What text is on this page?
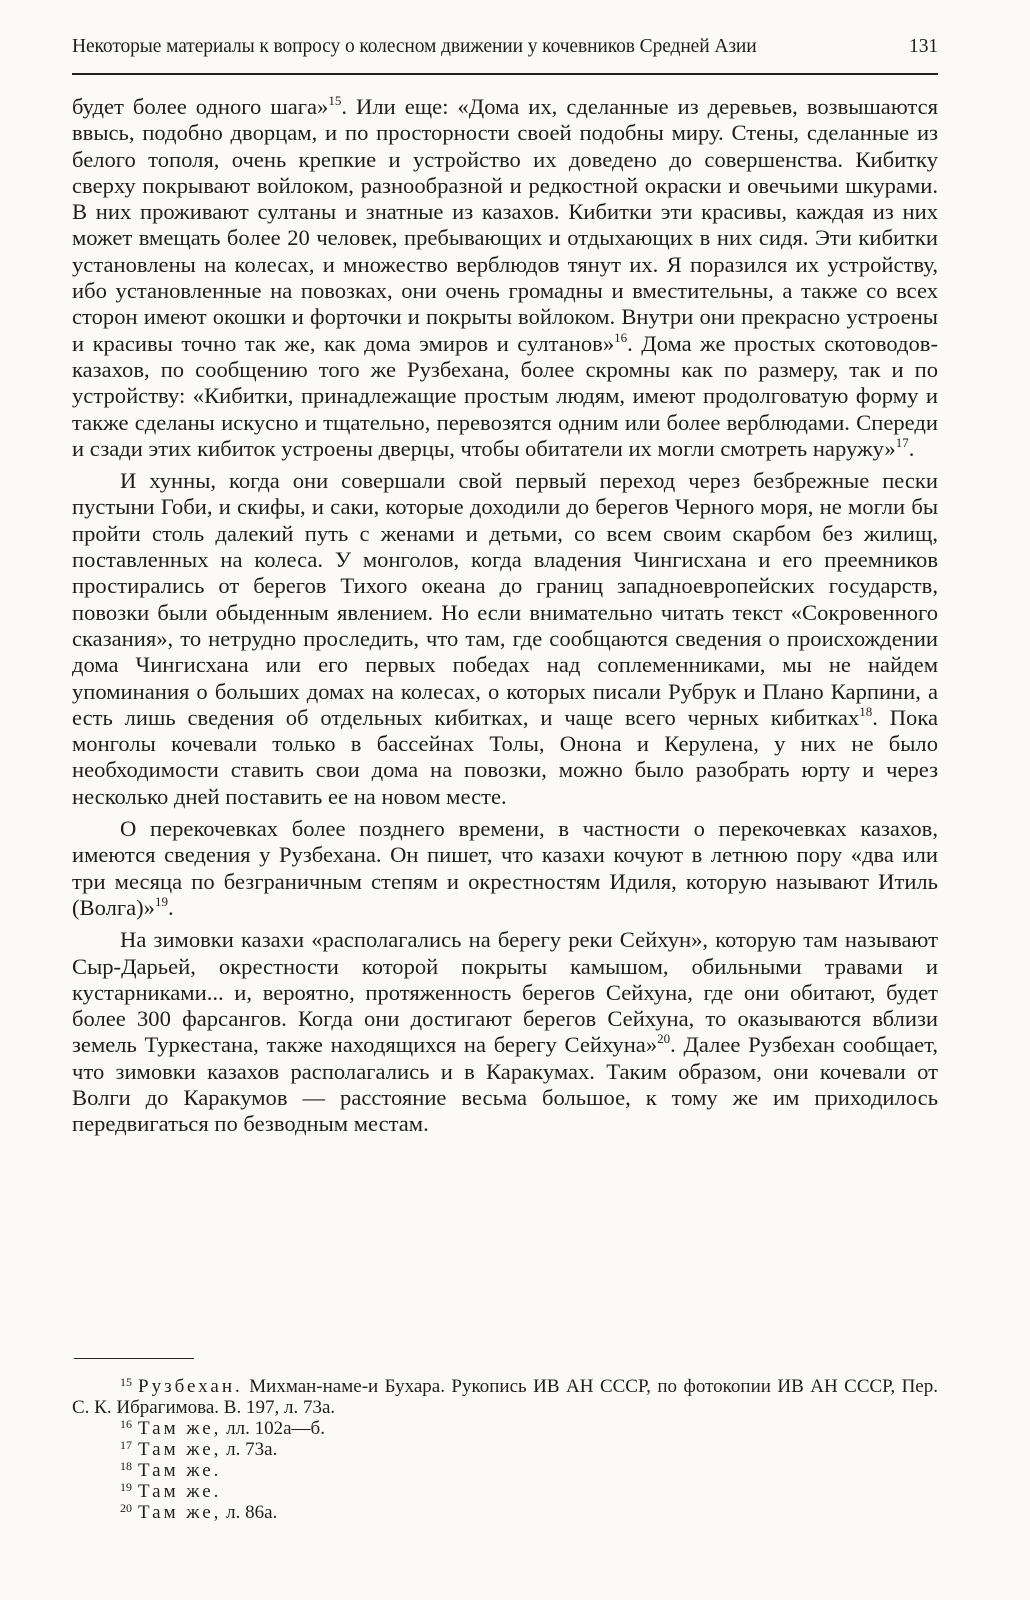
Некоторые материалы к вопросу о колесном движении у кочевников Средней Азии	131

будет более одного шага»$^{15}$. Или еще: «Дома их, сделанные из деревьев, возвышаются ввысь, подобно дворцам, и по просторности своей подобны миру. Стены, сделанные из белого тополя, очень крепкие и устройство их доведено до совершенства. Кибитку сверху покрывают войлоком, разнообразной и редкостной окраски и овечьими шкурами. В них проживают султаны и знатные из казахов. Кибитки эти красивы, каждая из них может вмещать более 20 человек, пребывающих и отдыхающих в них сидя. Эти кибитки установлены на колесах, и множество верблюдов тянут их. Я поразился их устройству, ибо установленные на повозках, они очень громадны и вместительны, а также со всех сторон имеют окошки и форточки и покрыты войлоком. Внутри они прекрасно устроены и красивы точно так же, как дома эмиров и султанов»$^{16}$. Дома же простых скотоводов-казахов, по сообщению того же Рузбехана, более скромны как по размеру, так и по устройству: «Кибитки, принадлежащие простым людям, имеют продолговатую форму и также сделаны искусно и тщательно, перевозятся одним или более верблюдами. Спереди и сзади этих кибиток устроены дверцы, чтобы обитатели их могли смотреть наружу»$^{17}$.

И хунны, когда они совершали свой первый переход через безбрежные пески пустыни Гоби, и скифы, и саки, которые доходили до берегов Черного моря, не могли бы пройти столь далекий путь с женами и детьми, со всем своим скарбом без жилищ, поставленных на колеса. У монголов, когда владения Чингисхана и его преемников простирались от берегов Тихого океана до границ западноевропейских государств, повозки были обыденным явлением. Но если внимательно читать текст «Сокровенного сказания», то нетрудно проследить, что там, где сообщаются сведения о происхождении дома Чингисхана или его первых победах над соплеменниками, мы не найдем упоминания о больших домах на колесах, о которых писали Рубрук и Плано Карпини, а есть лишь сведения об отдельных кибитках, и чаще всего черных кибитках$^{18}$. Пока монголы кочевали только в бассейнах Толы, Онона и Керулена, у них не было необходимости ставить свои дома на повозки, можно было разобрать юрту и через несколько дней поставить ее на новом месте.

О перекочевках более позднего времени, в частности о перекочевках казахов, имеются сведения у Рузбехана. Он пишет, что казахи кочуют в летнюю пору «два или три месяца по безграничным степям и окрестностям Идиля, которую называют Итиль (Волга)»$^{19}$.

На зимовки казахи «располагались на берегу реки Сейхун», которую там называют Сыр-Дарьей, окрестности которой покрыты камышом, обильными травами и кустарниками... и, вероятно, протяженность берегов Сейхуна, где они обитают, будет более 300 фарсангов. Когда они достигают берегов Сейхуна, то оказываются вблизи земель Туркестана, также находящихся на берегу Сейхуна»$^{20}$. Далее Рузбехан сообщает, что зимовки казахов располагались и в Каракумах. Таким образом, они кочевали от Волги до Каракумов — расстояние весьма большое, к тому же им приходилось передвигаться по безводным местам.

$^{15}$ Рузбехан. Михман-наме-и Бухара. Рукопись ИВ АН СССР, по фотокопии ИВ АН СССР, Пер. С. К. Ибрагимова. В. 197, л. 73а.

$^{16}$ Там же, лл. 102а—б.

$^{17}$ Там же, л. 73а.

$^{18}$ Там же.

$^{19}$ Там же.

$^{20}$ Там же, л. 86а.
